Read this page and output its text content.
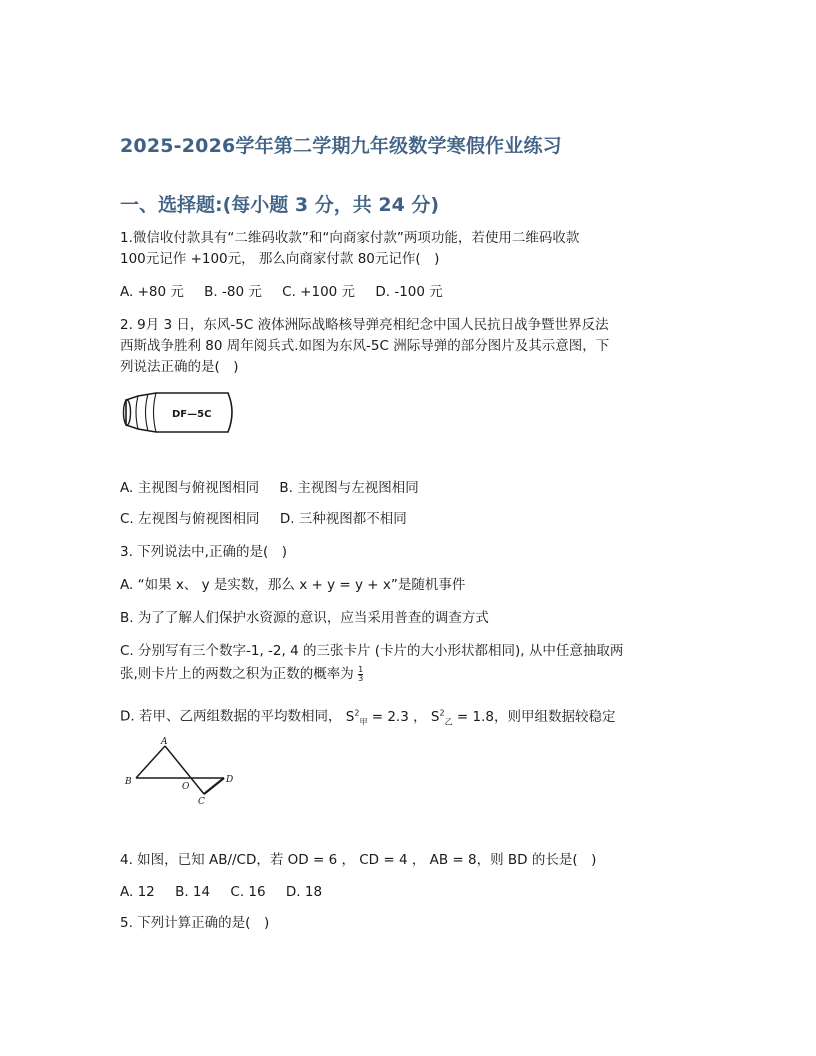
2025-2026学年第二学期九年级数学寒假作业练习
一、选择题:(每小题 3 分，共 24 分)

1.微信收付款具有“二维码收款”和“向商家付款”两项功能，若使用二维码收款

100元记作 +100元， 那么向商家付款 80元记作(　)

A. +80 元 B. -80 元 C. +100 元 D. -100 元

2. 9月 3 日，东风-5C 液体洲际战略核导弹亮相纪念中国人民抗日战争暨世界反法

西斯战争胜利 80 周年阅兵式.如图为东风-5C 洲际导弹的部分图片及其示意图，下

列说法正确的是(　)

DF—5C

A. 主视图与俯视图相同 B. 主视图与左视图相同

C. 左视图与俯视图相同 D. 三种视图都不相同

3. 下列说法中,正确的是(　)

A. “如果 x、 y 是实数，那么 x + y = y + x”是随机事件

B. 为了了解人们保护水资源的意识，应当采用普查的调查方式

C. 分别写有三个数字-1, -2, 4 的三张卡片 (卡片的大小形状都相同), 从中任意抽取两

张,则卡片上的两数之积为正数的概率为 $\frac{1}{3}$

D. 若甲、乙两组数据的平均数相同， $S^2_甲 = 2.3$ ， $S^2_乙 = 1.8$，则甲组数据较稳定

A
B	O
D
C

4. 如图，已知 AB//CD，若 OD = 6 ， CD = 4 ， AB = 8，则 BD 的长是(　)

A. 12 B. 14 C. 16 D. 18

5. 下列计算正确的是(　)
